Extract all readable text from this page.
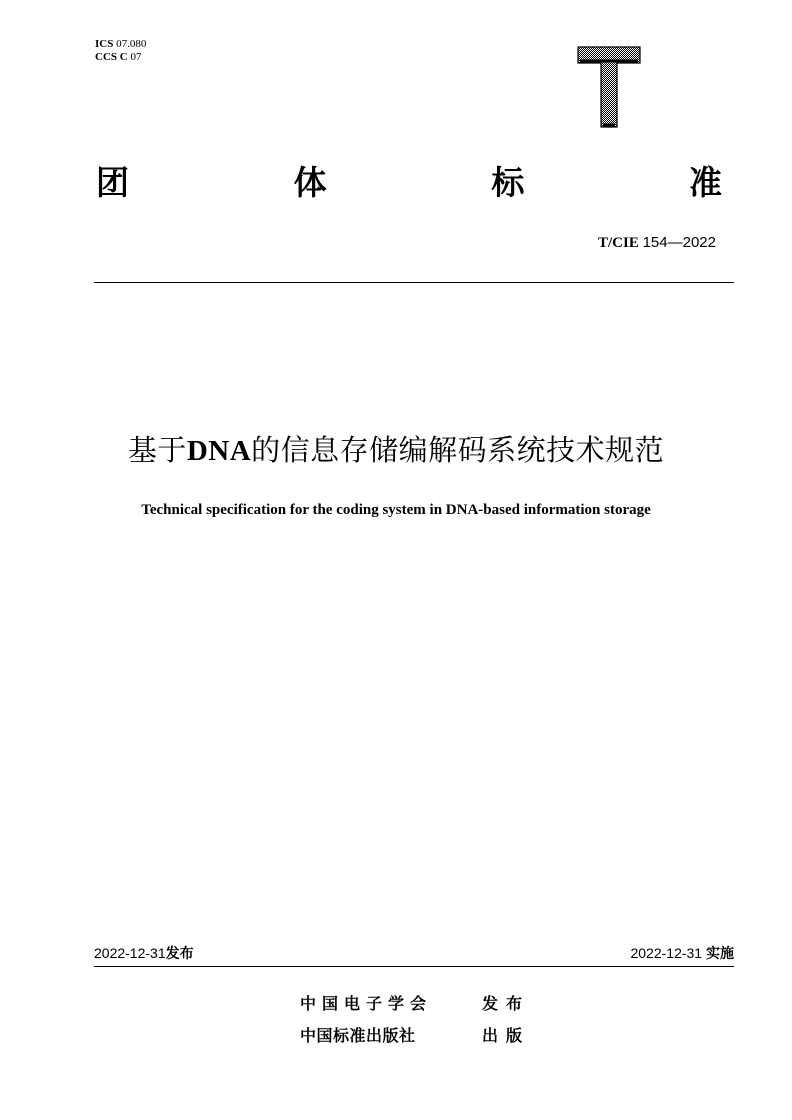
ICS 07.080
CCS C 07
团	体	标	准
T/CIE 154—2022
基于DNA的信息存储编解码系统技术规范
Technical specification for the coding system in DNA-based information storage
2022-12-31发布	2022-12-31 实施
中国电子学会	发布
中国标准出版社	出版
